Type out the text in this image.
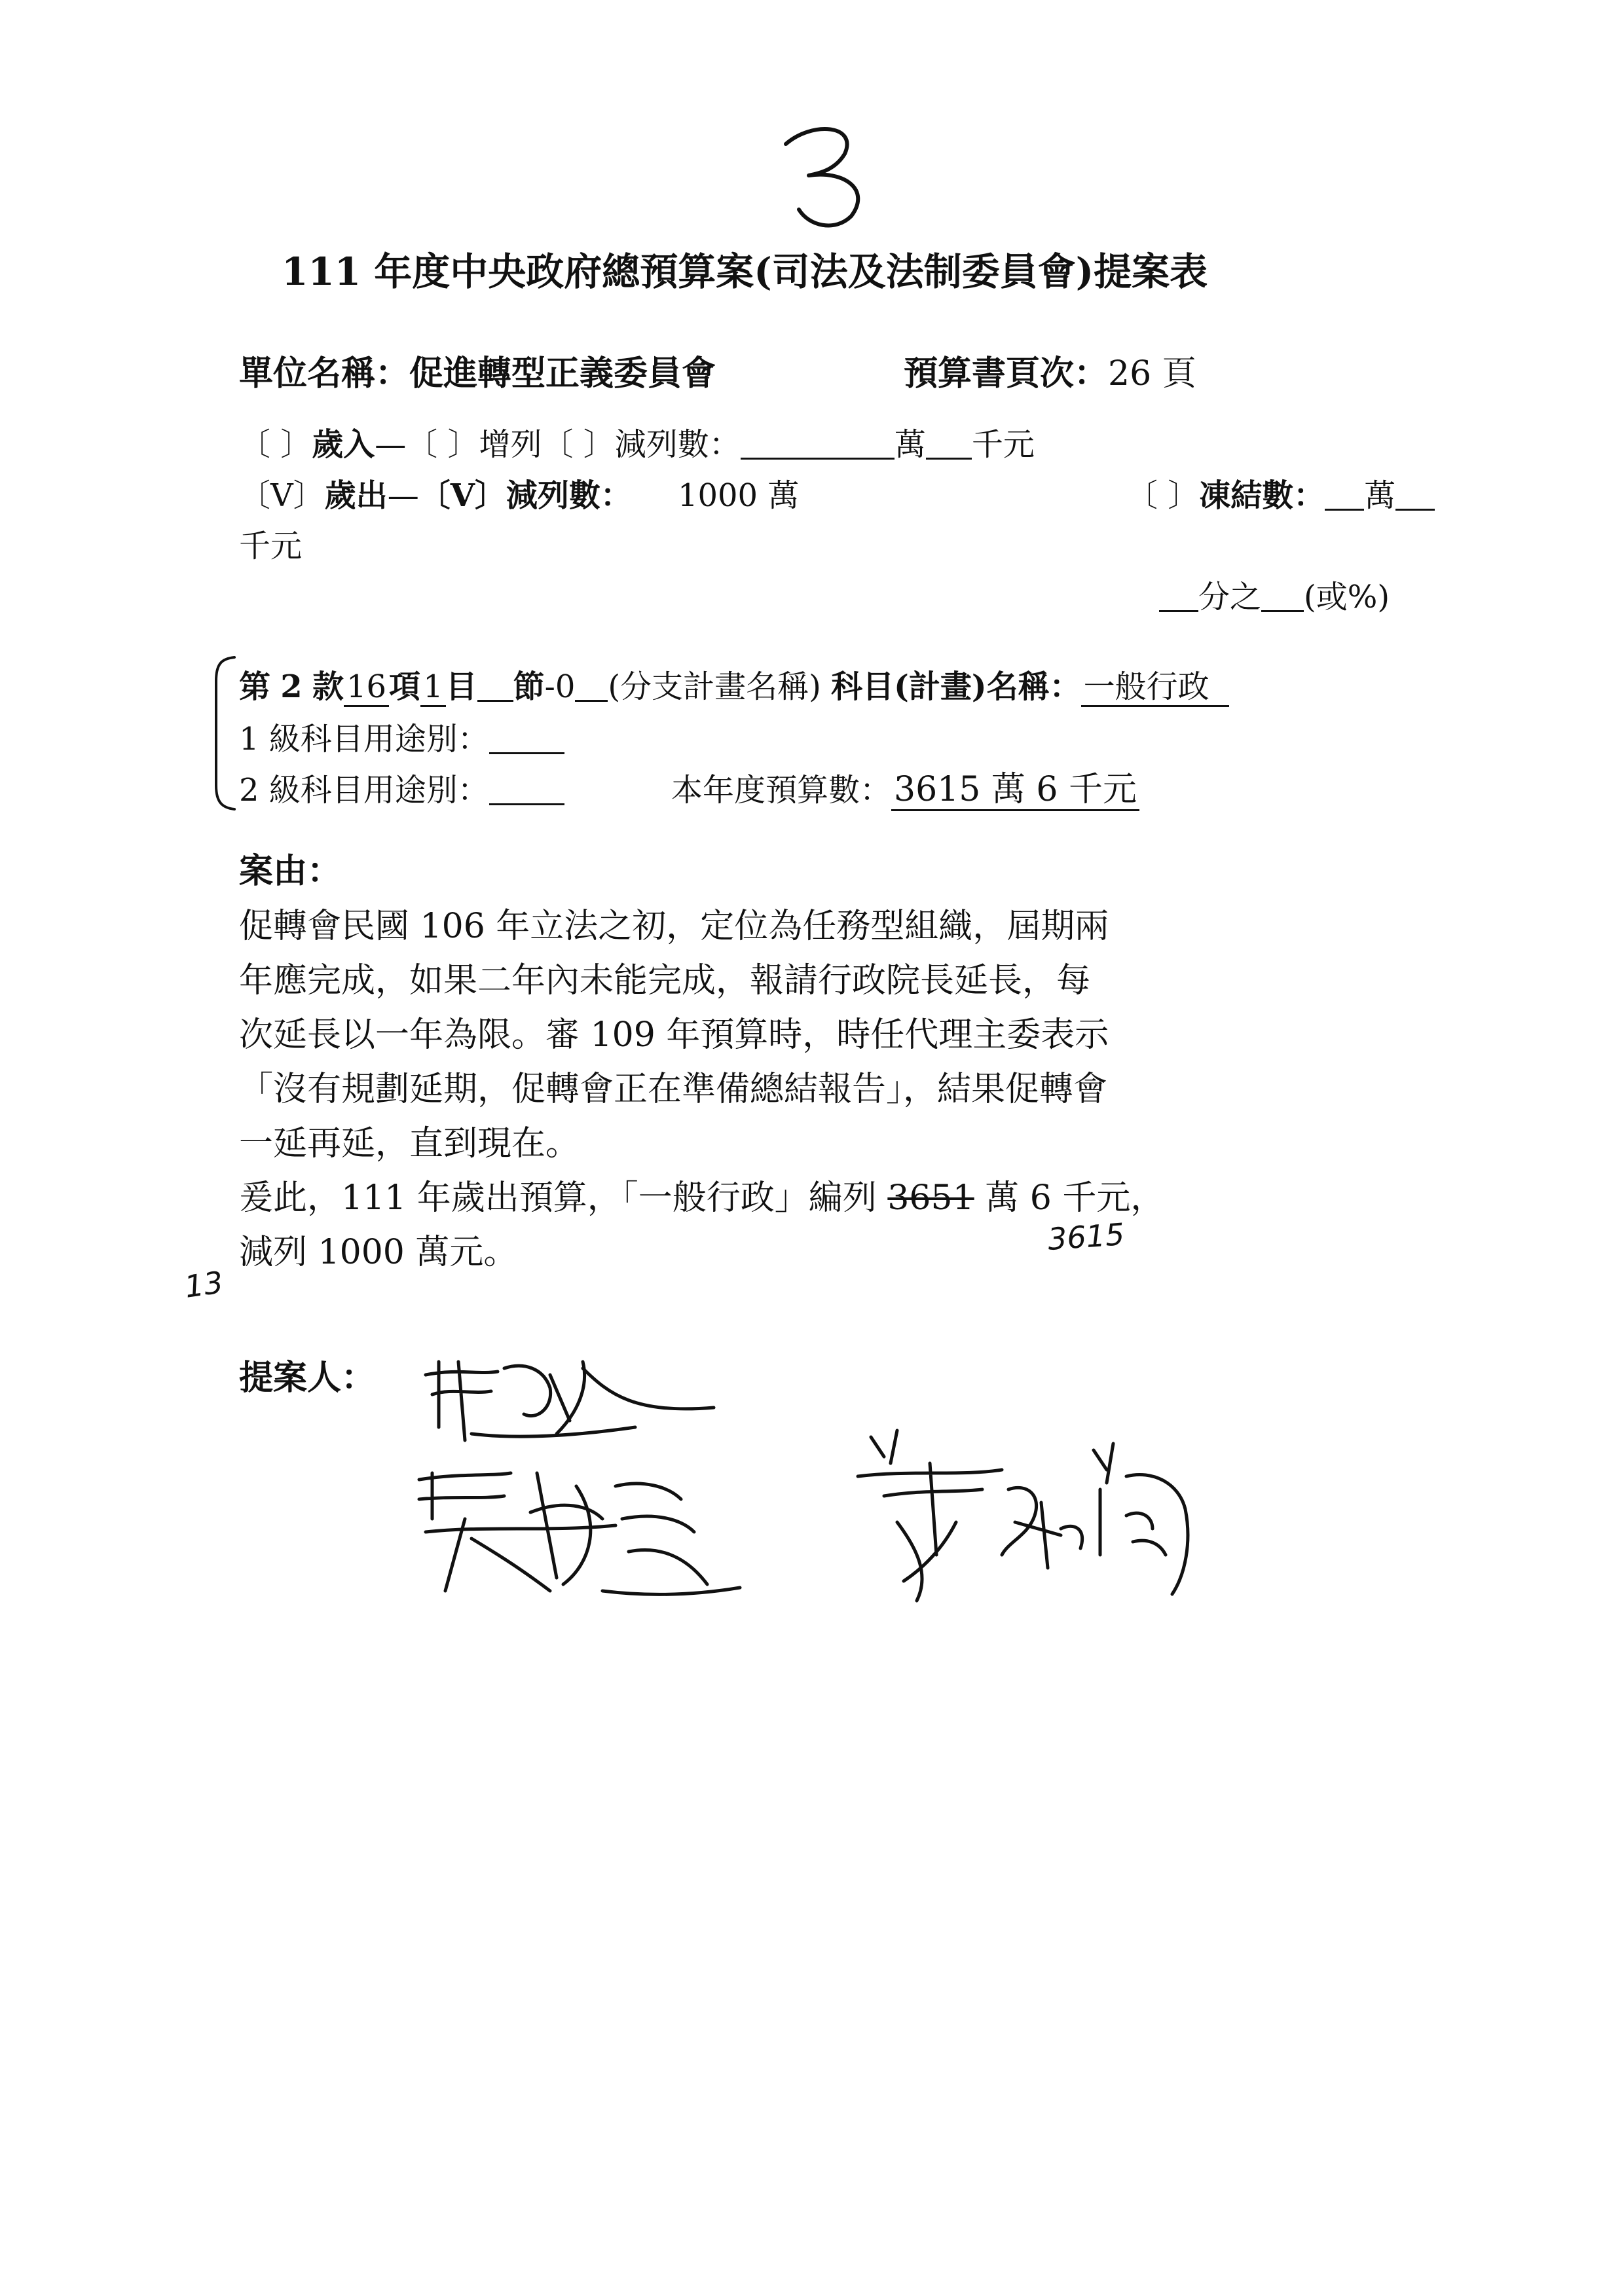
111 年度中央政府總預算案(司法及法制委員會)提案表
單位名稱：促進轉型正義委員會	預算書頁次：26 頁
〔 〕歲入—〔 〕增列〔 〕減列數：	萬 千元
〔V〕歲出—〔V〕減列數： 1000 萬	〔 〕凍結數： 萬
千元
分之 (或%)
第 2 款16項1目 節-0 (分支計畫名稱) 科目(計畫)名稱：一般行政
1 級科目用途別：
2 級科目用途別：	本年度預算數：3615 萬 6 千元
案由：
促轉會民國 106 年立法之初，定位為任務型組織，屆期兩
年應完成，如果二年內未能完成，報請行政院長延長，每
次延長以一年為限。審 109 年預算時，時任代理主委表示
「沒有規劃延期，促轉會正在準備總結報告」，結果促轉會
一延再延，直到現在。
爰此，111 年歲出預算，「一般行政」編列 3651 萬 6 千元，
3615
減列 1000 萬元。
13
提案人：
